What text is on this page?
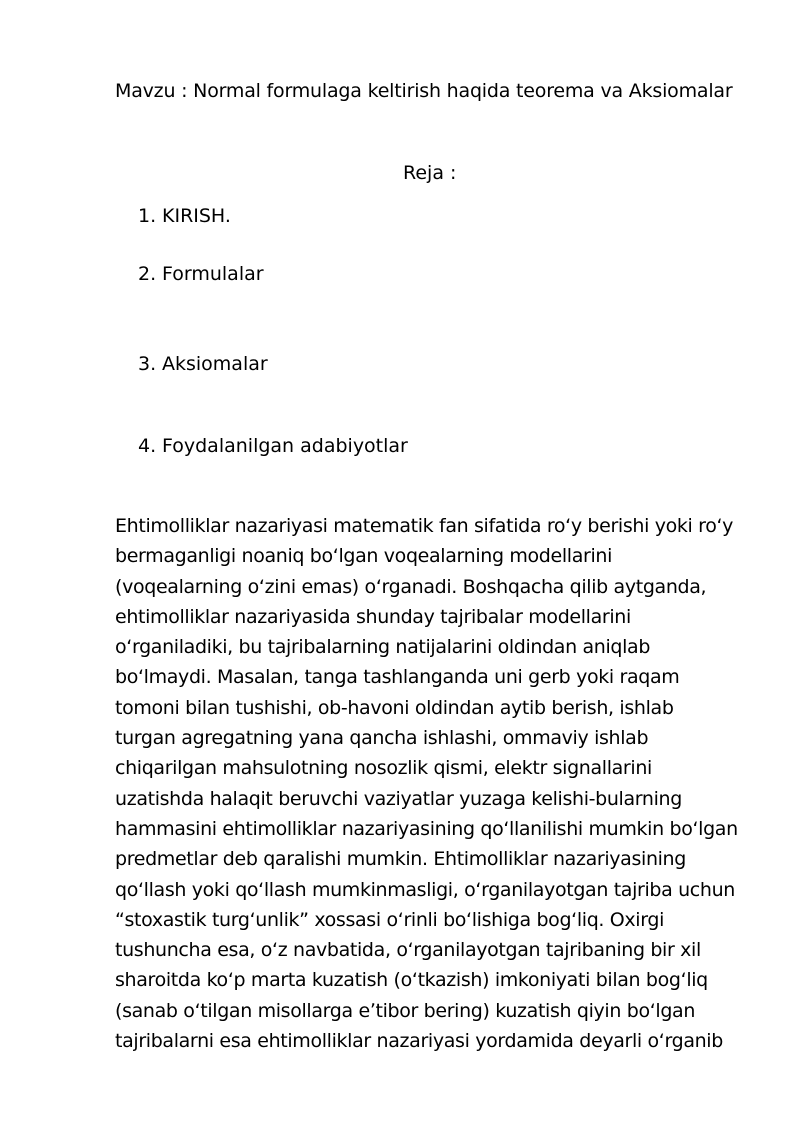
Mavzu : Normal formulaga keltirish haqida teorema va Aksiomalar
Reja :
1. KIRISH.
2. Formulalar
3. Aksiomalar
4. Foydalanilgan adabiyotlar

Ehtimolliklar nazariyasi matematik fan sifatida roʻy berishi yoki roʻy
bermaganligi noaniq boʻlgan voqealarning modellarini
(voqealarning oʻzini emas) oʻrganadi. Boshqacha qilib aytganda,
ehtimolliklar nazariyasida shunday tajribalar modellarini
oʻrganiladiki, bu tajribalarning natijalarini oldindan aniqlab
boʻlmaydi. Masalan, tanga tashlanganda uni gerb yoki raqam
tomoni bilan tushishi, ob-havoni oldindan aytib berish, ishlab
turgan agregatning yana qancha ishlashi, ommaviy ishlab
chiqarilgan mahsulotning nosozlik qismi, elektr signallarini
uzatishda halaqit beruvchi vaziyatlar yuzaga kelishi-bularning
hammasini ehtimolliklar nazariyasining qoʻllanilishi mumkin boʻlgan
predmetlar deb qaralishi mumkin. Ehtimolliklar nazariyasining
qoʻllash yoki qoʻllash mumkinmasligi, oʻrganilayotgan tajriba uchun
“stoxastik turgʻunlik” xossasi oʻrinli boʻlishiga bogʻliq. Oxirgi
tushuncha esa, oʻz navbatida, oʻrganilayotgan tajribaning bir xil
sharoitda koʻp marta kuzatish (oʻtkazish) imkoniyati bilan bogʻliq
(sanab oʻtilgan misollarga eʼtibor bering) kuzatish qiyin boʻlgan
tajribalarni esa ehtimolliklar nazariyasi yordamida deyarli oʻrganib
